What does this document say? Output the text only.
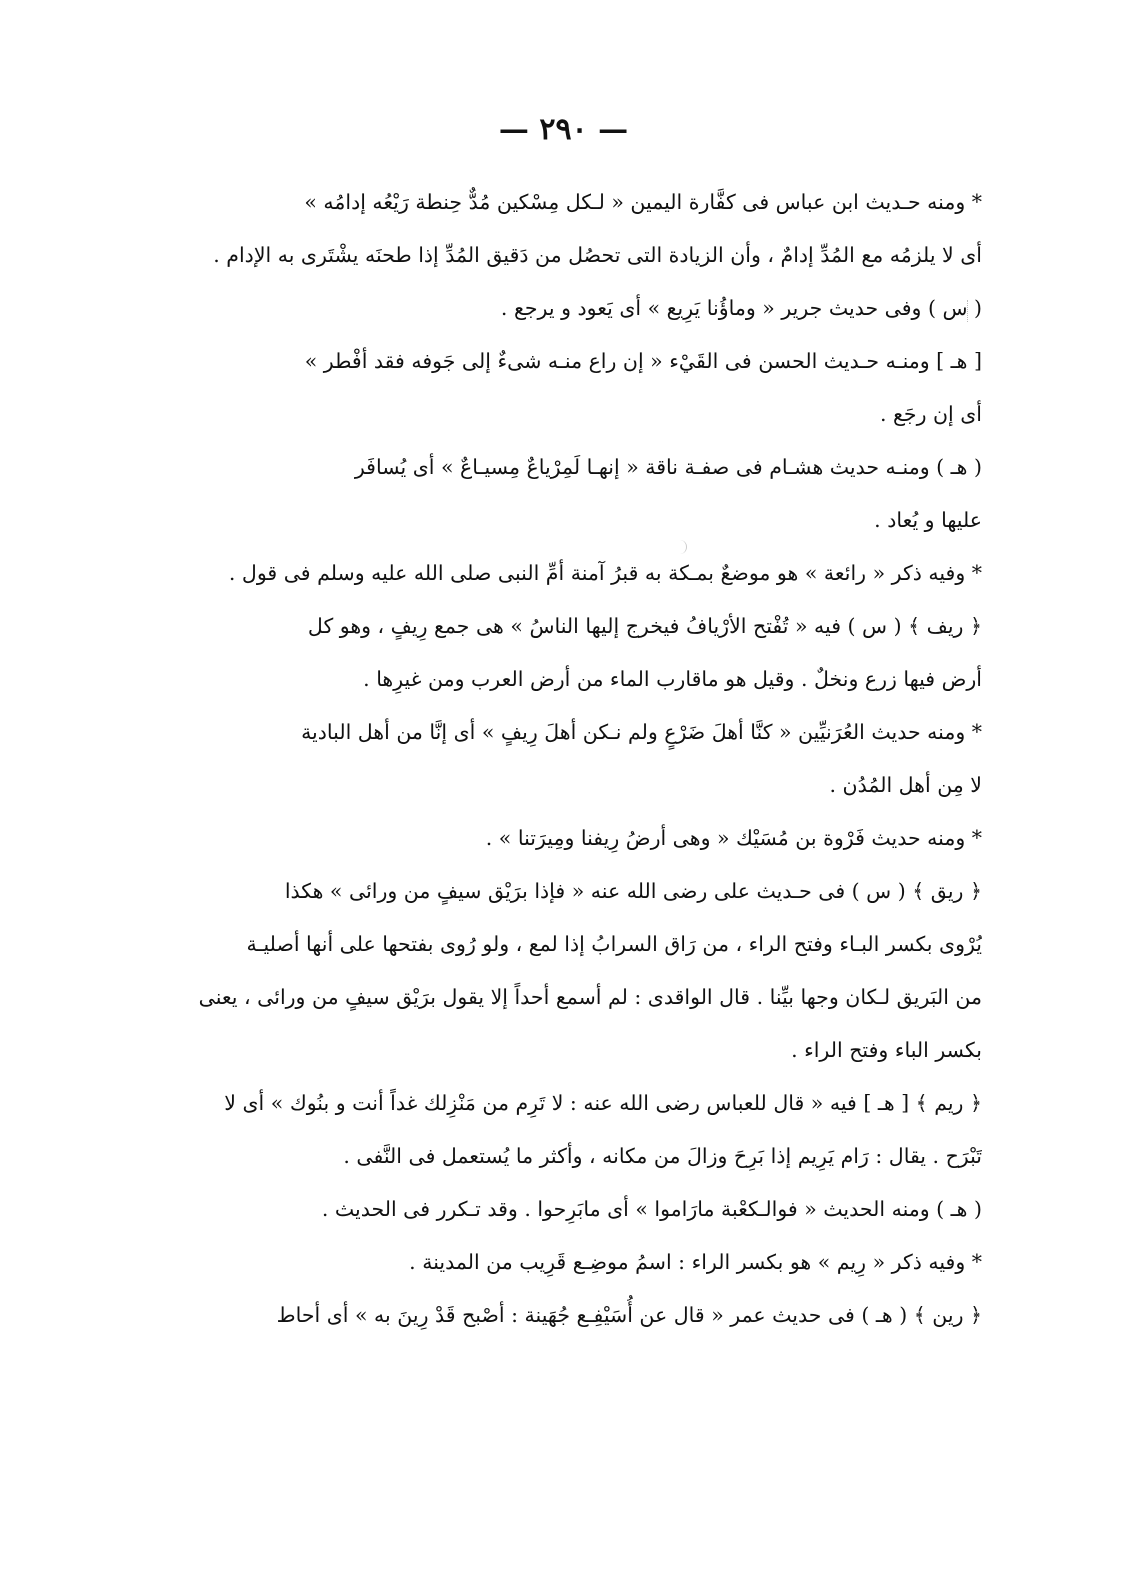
— ٢٩٠ —
* ومنه حـديث ابن عباس فى كفَّارة اليمين « لـكل مِسْكين مُدٌّ حِنطة رَيْعُه إدامُه »
أى لا يلزمُه مع المُدِّ إدامٌ ، وأن الزيادة التى تحصُل من دَقيق المُدِّ إذا طحنَه يشْتَرى به الإدام .
( س ) وفى حديث جرير « وماؤُنا يَرِيع » أى يَعود و يرجع .
[ هـ ] ومنـه حـديث الحسن فى القَيْء « إن راع منـه شىءٌ إلى جَوفه فقد أفْطر »
أى إن رجَع .
( هـ ) ومنـه حديث هشـام فى صفـة ناقة « إنهـا لَمِرْياعٌ مِسيـاعٌ » أى يُسافَر
عليها و يُعاد .
* وفيه ذكر « رائعة » هو موضعٌ بمـكة به قبرُ آمنة أمِّ النبى صلى الله عليه وسلم فى قول .
﴿ ريف ﴾ ( س ) فيه « تُفْتح الأرْيافُ فيخرج إليها الناسُ » هى جمع رِيفٍ ، وهو كل
أرض فيها زرع ونخلٌ . وقيل هو ماقارب الماء من أرض العرب ومن غيرِها .
* ومنه حديث العُرَنيِّين « كنَّا أهلَ ضَرْعٍ ولم نـكن أهلَ رِيفٍ » أى إنَّا من أهل البادية
لا مِن أهل المُدُن .
* ومنه حديث فَرْوة بن مُسَيْك « وهى أرضُ رِيفنا ومِيرَتنا » .
﴿ ريق ﴾ ( س ) فى حـديث على رضى الله عنه « فإذا برَيْق سيفٍ من ورائى » هكذا
يُرْوى بكسر البـاء وفتح الراء ، من رَاق السرابُ إذا لمع ، ولو رُوى بفتحها على أنها أصليـة
من البَريق لـكان وجها بيِّنا . قال الواقدى : لم أسمع أحداً إلا يقول برَيْق سيفٍ من ورائى ، يعنى
بكسر الباء وفتح الراء .
﴿ ريم ﴾ [ هـ ] فيه « قال للعباس رضى الله عنه : لا تَرِم من مَنْزِلك غداً أنت و بنُوك » أى لا
تَبْرَح . يقال : رَام يَرِيم إذا بَرِحَ وزالَ من مكانه ، وأكثر ما يُستعمل فى النَّفى .
( هـ ) ومنه الحديث « فوالـكعْبة مارَاموا » أى مابَرِحوا . وقد تـكرر فى الحديث .
* وفيه ذكر « رِيم » هو بكسر الراء : اسمُ موضِـع قَرِيب من المدينة .
﴿ رين ﴾ ( هـ ) فى حديث عمر « قال عن أُسَيْفِـع جُهَينة : أصْبح قَدْ رِينَ به » أى أحاط
